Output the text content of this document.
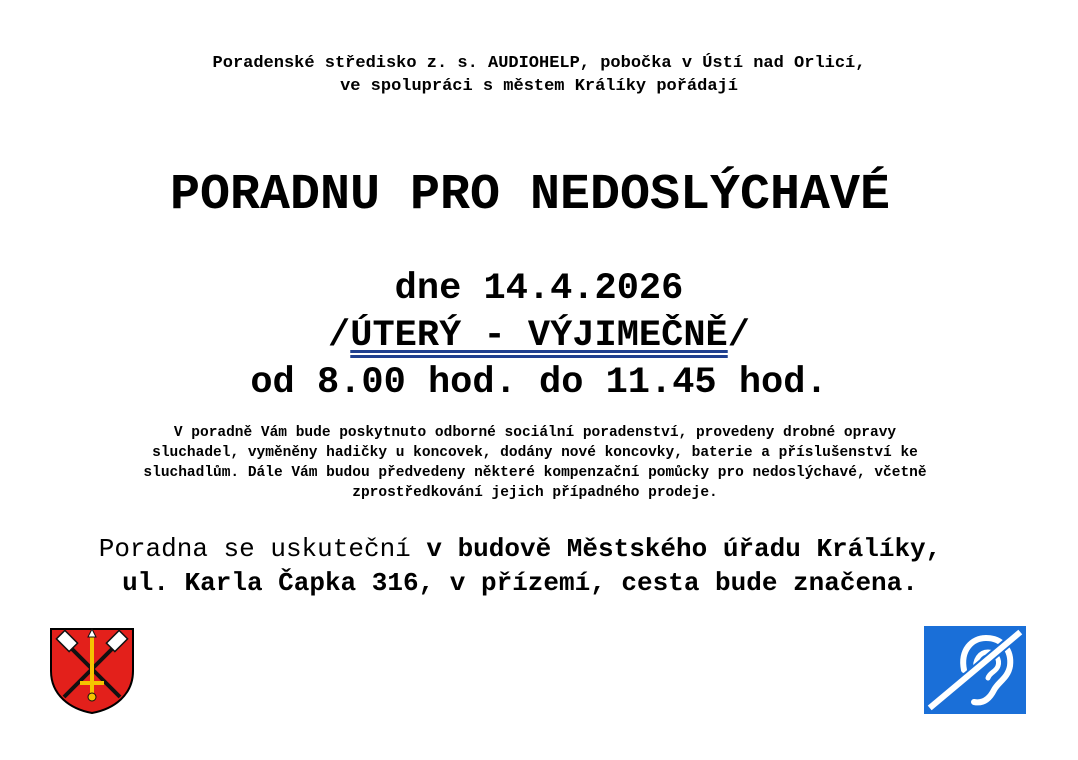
Poradenské středisko z. s. AUDIOHELP, pobočka v Ústí nad Orlicí,
ve spolupráci s městem Králíky pořádají
PORADNU PRO NEDOSLÝCHAVÉ
dne 14.4.2026
/ÚTERÝ - VÝJIMEČNĚ/
od 8.00 hod. do 11.45 hod.
V poradně Vám bude poskytnuto odborné sociální poradenství, provedeny drobné opravy
sluchadel, vyměněny hadičky u koncovek, dodány nové koncovky, baterie a příslušenství ke
sluchadlům. Dále Vám budou předvedeny některé kompenzační pomůcky pro nedoslýchavé, včetně
zprostředkování jejich případného prodeje.
Poradna se uskuteční v budově Městského úřadu Králíky,
ul. Karla Čapka 316, v přízemí, cesta bude značena.
